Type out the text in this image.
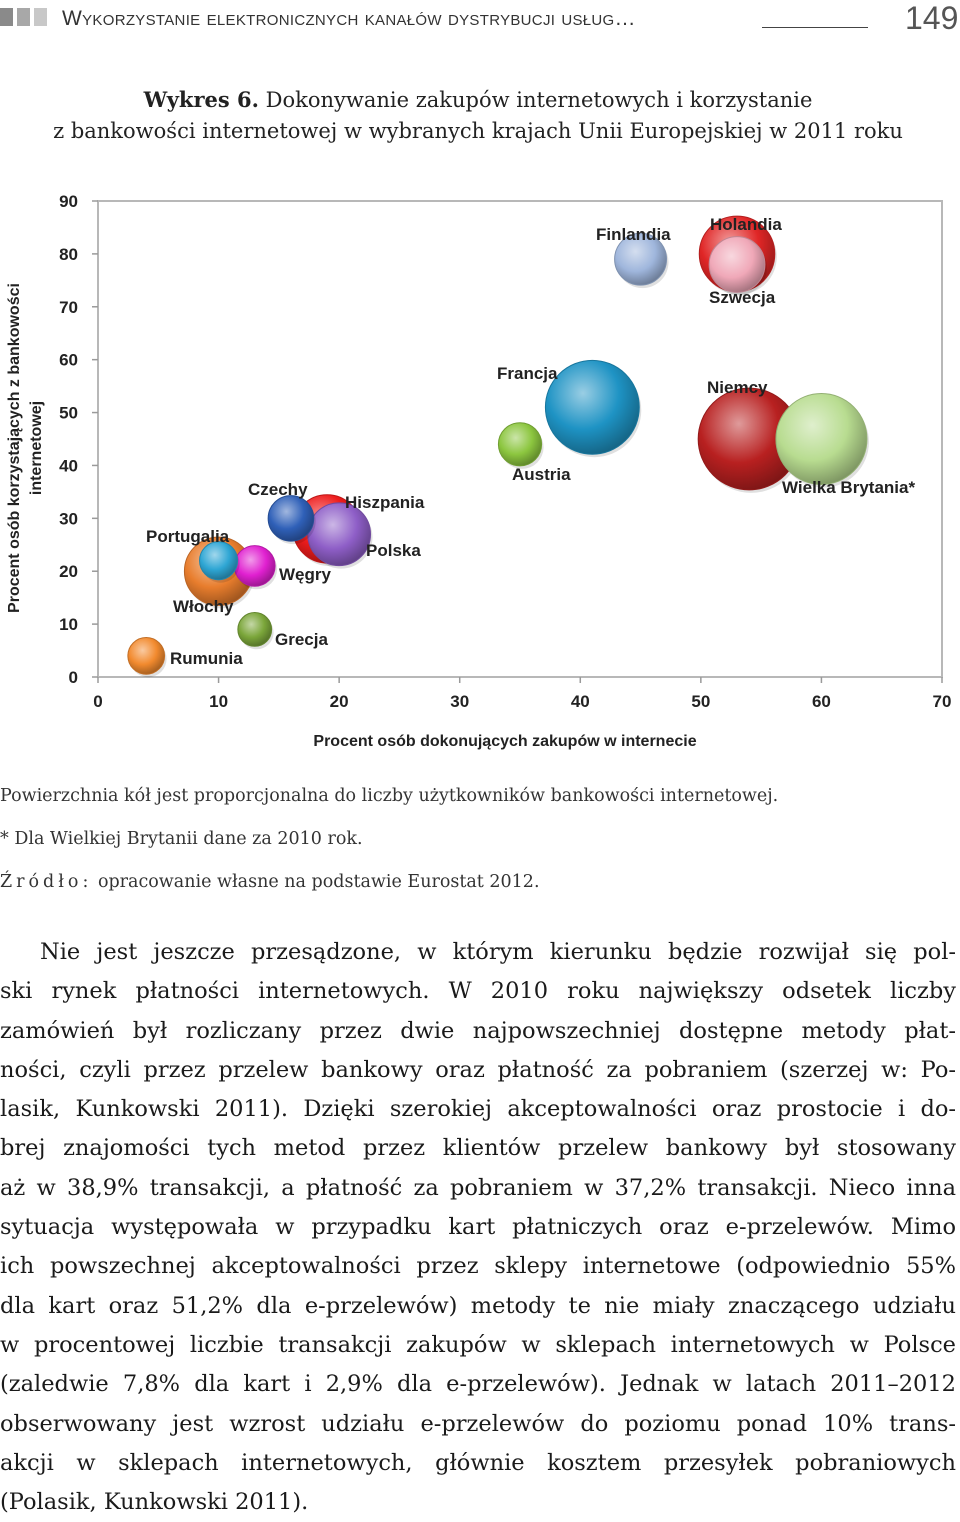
Wykorzystanie elektronicznych kanałów dystrybucji usług…	149
Wykres 6. Dokonywanie zakupów internetowych i korzystanie
z bankowości internetowej w wybranych krajach Unii Europejskiej w 2011 roku
0
10
20
30
40
50
60
70
80
90
0	10	20	30	40	50	60	70
Procent osób dokonujących zakupów w internecie
Procent osób korzystających z bankowości internetowej
Rumunia
Grecja
Włochy
Portugalia
Węgry
Czechy
Hiszpania
Polska
Austria
Francja
Finlandia
Holandia
Szwecja
Niemcy
Wielka Brytania*
Powierzchnia kół jest proporcjonalna do liczby użytkowników bankowości internetowej.
* Dla Wielkiej Brytanii dane za 2010 rok.
Źródło: opracowanie własne na podstawie Eurostat 2012.
Nie jest jeszcze przesądzone, w którym kierunku będzie rozwijał się pol-
ski rynek płatności internetowych. W 2010 roku największy odsetek liczby
zamówień był rozliczany przez dwie najpowszechniej dostępne metody płat-
ności, czyli przez przelew bankowy oraz płatność za pobraniem (szerzej w: Po-
lasik, Kunkowski 2011). Dzięki szerokiej akceptowalności oraz prostocie i do-
brej znajomości tych metod przez klientów przelew bankowy był stosowany
aż w 38,9% transakcji, a płatność za pobraniem w 37,2% transakcji. Nieco inna
sytuacja występowała w przypadku kart płatniczych oraz e-przelewów. Mimo
ich powszechnej akceptowalności przez sklepy internetowe (odpowiednio 55%
dla kart oraz 51,2% dla e-przelewów) metody te nie miały znaczącego udziału
w procentowej liczbie transakcji zakupów w sklepach internetowych w Polsce
(zaledwie 7,8% dla kart i 2,9% dla e-przelewów). Jednak w latach 2011–2012
obserwowany jest wzrost udziału e-przelewów do poziomu ponad 10% trans-
akcji w sklepach internetowych, głównie kosztem przesyłek pobraniowych
(Polasik, Kunkowski 2011).
